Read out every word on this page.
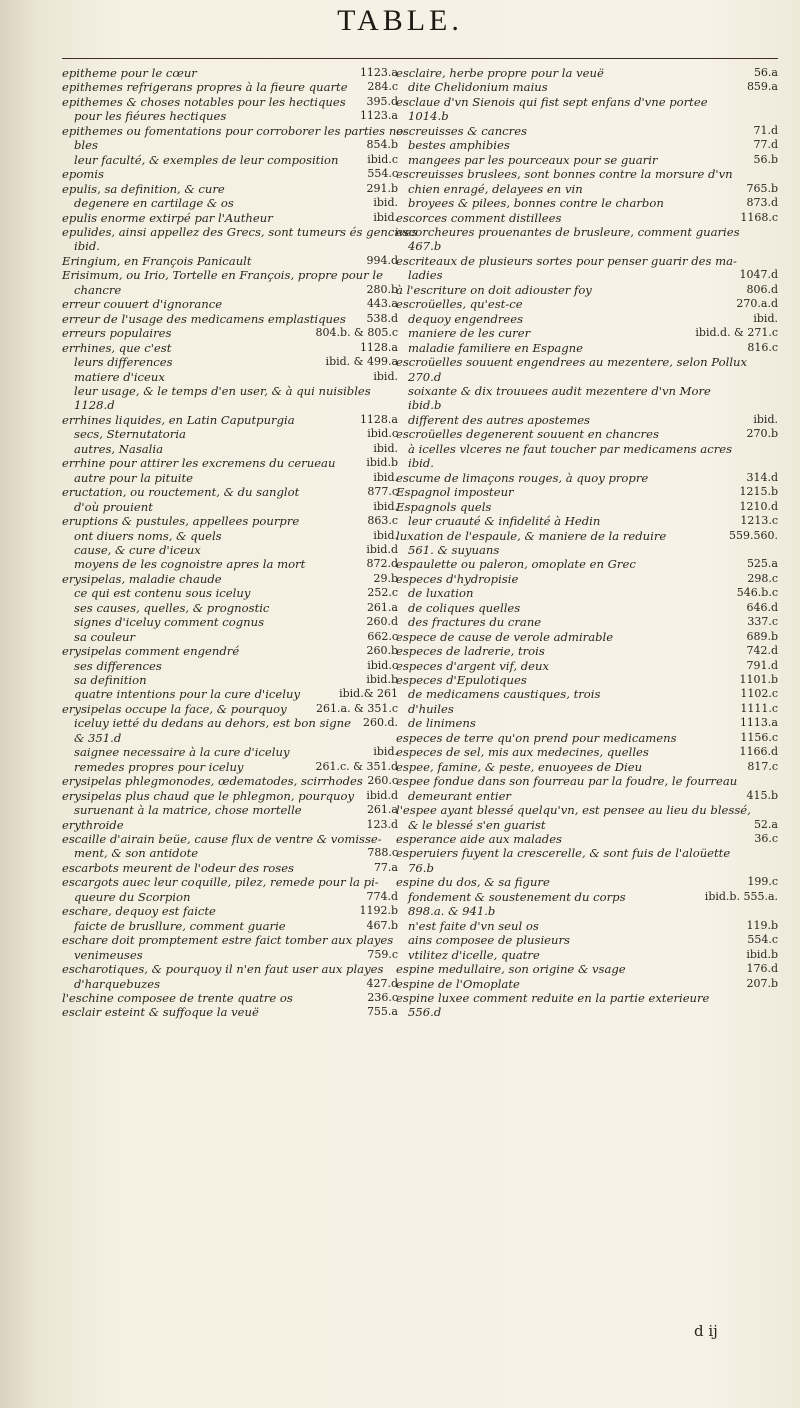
TABLE.
epitheme pour le cœur	1123.a
epithemes refrigerans propres à la fieure quarte 284.c
epithemes & choses notables pour les hectiques 395.d
pour les fiéures hectiques	1123.a
epithemes ou fomentations pour corroborer les parties no-
bles	854.b
leur faculté, & exemples de leur composition	ibid.c
epomis	554.c
epulis, sa definition, & cure	291.b
degenere en cartilage & os	ibid.
epulis enorme extirpé par l'Autheur	ibid.
epulides, ainsi appellez des Grecs, sont tumeurs és gencives
ibid.
Eringium, en François Panicault	994.d
Erisimum, ou Irio, Tortelle en François, propre pour le
chancre	280.b
erreur couuert d'ignorance	443.a
erreur de l'usage des medicamens emplastiques 538.d
erreurs populaires	804.b. & 805.c
errhines, que c'est	1128.a
leurs differences	ibid. & 499.a
matiere d'iceux	ibid.
leur usage, & le temps d'en user, & à qui nuisibles
1128.d
errhines liquides, en Latin Caputpurgia	1128.a
secs, Sternutatoria	ibid.c
autres, Nasalia	ibid.
errhine pour attirer les excremens du cerueau	ibid.b
autre pour la pituite	ibid.
eructation, ou rouctement, & du sanglot	877.c
d'où prouient	ibid.
eruptions & pustules, appellees pourpre	863.c
ont diuers noms, & quels	ibid.
cause, & cure d'iceux	ibid.d
moyens de les cognoistre apres la mort	872.d
erysipelas, maladie chaude	29.b
ce qui est contenu sous iceluy	252.c
ses causes, quelles, & prognostic	261.a
signes d'iceluy comment cognus	260.d
sa couleur	662.c
erysipelas comment engendré	260.b
ses differences	ibid.c
sa definition	ibid.b
quatre intentions pour la cure d'iceluy	ibid.& 261
erysipelas occupe la face, & pourquoy	261.a. & 351.c
iceluy ietté du dedans au dehors, est bon signe 260.d.
& 351.d
saignee necessaire à la cure d'iceluy	ibid.
remedes propres pour iceluy	261.c. & 351.d
erysipelas phlegmonodes, œdematodes, scirrhodes 260.c
erysipelas plus chaud que le phlegmon, pourquoy ibid.d
suruenant à la matrice, chose mortelle	261.a
erythroide	123.d
escaille d'airain beüe, cause flux de ventre & vomisse-
ment, & son antidote	788.c
escarbots meurent de l'odeur des roses	77.a
escargots auec leur coquille, pilez, remede pour la pi-
queure du Scorpion	774.d
eschare, dequoy est faicte	1192.b
faicte de brusllure, comment guarie	467.b
eschare doit promptement estre faict tomber aux playes
venimeuses	759.c
escharotiques, & pourquoy il n'en faut user aux playes
d'harquebuzes	427.d
l'eschine composee de trente quatre os	236.c
esclair esteint & suffoque la veuë	755.a
esclaire, herbe propre pour la veuë	56.a
dite Chelidonium maius	859.a
esclaue d'vn Sienois qui fist sept enfans d'vne portee
1014.b
escreuisses & cancres	71.d
bestes amphibies	77.d
mangees par les pourceaux pour se guarir	56.b
escreuisses bruslees, sont bonnes contre la morsure d'vn
chien enragé, delayees en vin	765.b
broyees & pilees, bonnes contre le charbon	873.d
escorces comment distillees	1168.c
escorcheures prouenantes de brusleure, comment guaries
467.b
escriteaux de plusieurs sortes pour penser guarir des ma-
ladies	1047.d
à l'escriture on doit adiouster foy	806.d
escroüelles, qu'est-ce	270.a.d
dequoy engendrees	ibid.
maniere de les curer	ibid.d. & 271.c
maladie familiere en Espagne	816.c
escroüelles souuent engendrees au mezentere, selon Pollux
270.d
soixante & dix trouuees audit mezentere d'vn More
ibid.b
different des autres apostemes	ibid.
escroüelles degenerent souuent en chancres	270.b
à icelles vlceres ne faut toucher par medicamens acres
ibid.
escume de limaçons rouges, à quoy propre	314.d
Espagnol imposteur	1215.b
Espagnols quels	1210.d
leur cruauté & infidelité à Hedin	1213.c
luxation de l'espaule, & maniere de la reduire	559.560.
561. & suyuans
espaulette ou paleron, omoplate en Grec	525.a
especes d'hydropisie	298.c
de luxation	546.b.c
de coliques quelles	646.d
des fractures du crane	337.c
espece de cause de verole admirable	689.b
especes de ladrerie, trois	742.d
especes d'argent vif, deux	791.d
especes d'Epulotiques	1101.b
de medicamens caustiques, trois	1102.c
d'huiles	1111.c
de linimens	1113.a
especes de terre qu'on prend pour medicamens	1156.c
especes de sel, mis aux medecines, quelles	1166.d
espee, famine, & peste, enuoyees de Dieu	817.c
espee fondue dans son fourreau par la foudre, le fourreau
demeurant entier	415.b
l'espee ayant blessé quelqu'vn, est pensee au lieu du blessé,
& le blessé s'en guarist	52.a
esperance aide aux malades	36.c
esperuiers fuyent la crescerelle, & sont fuis de l'aloüette
76.b
espine du dos, & sa figure	199.c
fondement & soustenement du corps	ibid.b. 555.a.
898.a. & 941.b
n'est faite d'vn seul os	119.b
ains composee de plusieurs	554.c
vtilitez d'icelle, quatre	ibid.b
espine medullaire, son origine & vsage	176.d
espine de l'Omoplate	207.b
espine luxee comment reduite en la partie exterieure
556.d
d ij
